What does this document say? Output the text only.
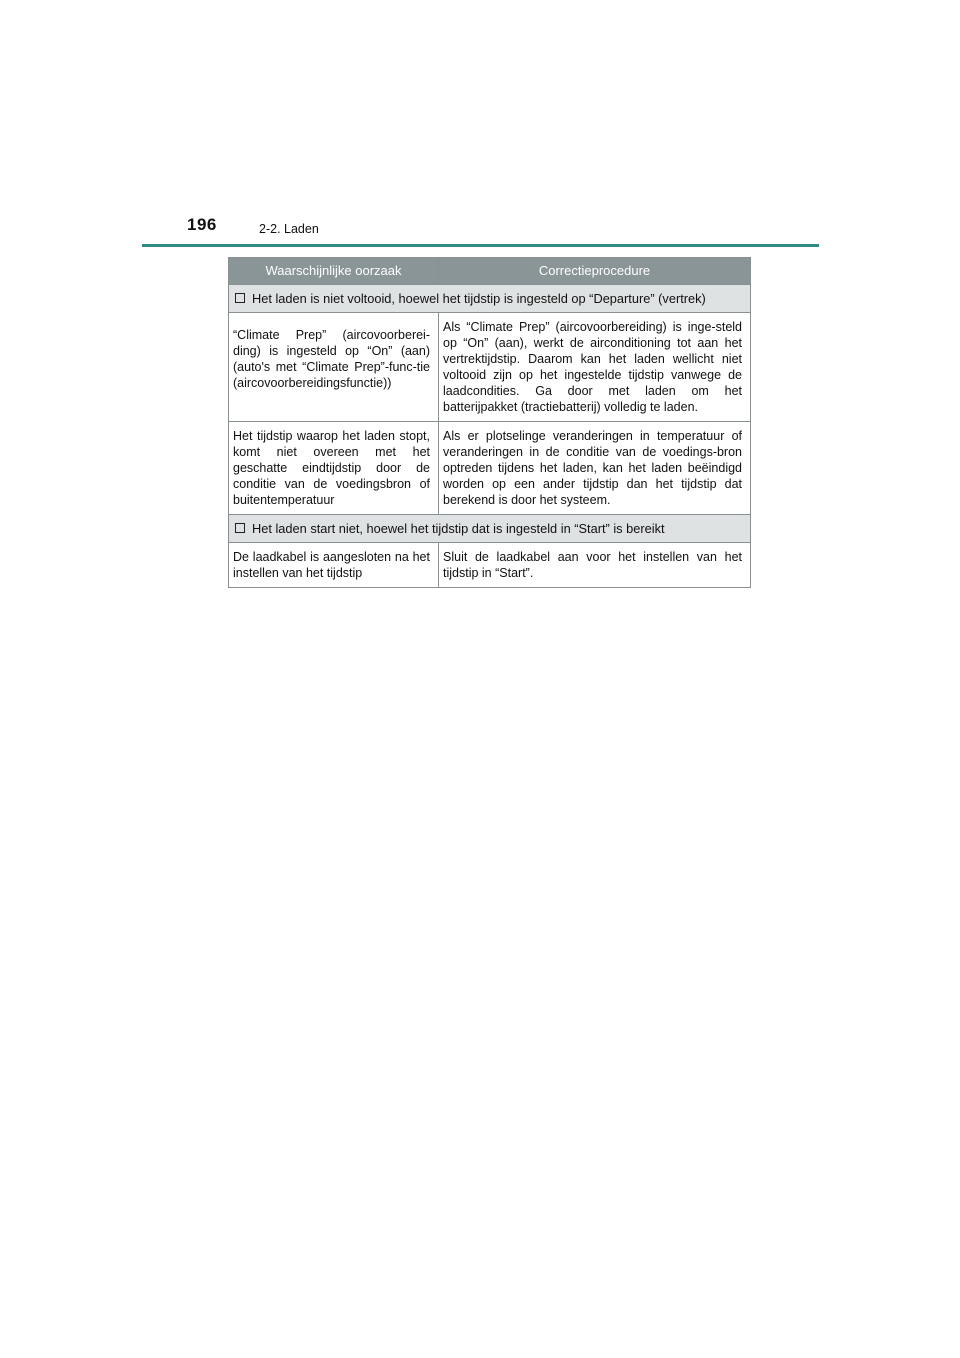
196	2-2. Laden
Waarschijnlijke oorzaak	Correctieprocedure
Het laden is niet voltooid, hoewel het tijdstip is ingesteld op “Departure” (vertrek)	
“Climate Prep” (aircovoorberei-ding) is ingesteld op “On” (aan) (auto's met “Climate Prep”-func-tie (aircovoorbereidingsfunctie))	Als “Climate Prep” (aircovoorbereiding) is inge-steld op “On” (aan), werkt de airconditioning tot aan het vertrektijdstip. Daarom kan het laden wellicht niet voltooid zijn op het ingestelde tijdstip vanwege de laadcondities. Ga door met laden om het batterijpakket (tractiebatterij) volledig te laden.
Het tijdstip waarop het laden stopt, komt niet overeen met het geschatte eindtijdstip door de conditie van de voedingsbron of buitentemperatuur	Als er plotselinge veranderingen in temperatuur of veranderingen in de conditie van de voedings-bron optreden tijdens het laden, kan het laden beëindigd worden op een ander tijdstip dan het tijdstip dat berekend is door het systeem.
Het laden start niet, hoewel het tijdstip dat is ingesteld in “Start” is bereikt	
De laadkabel is aangesloten na het instellen van het tijdstip	Sluit de laadkabel aan voor het instellen van het tijdstip in “Start”.
